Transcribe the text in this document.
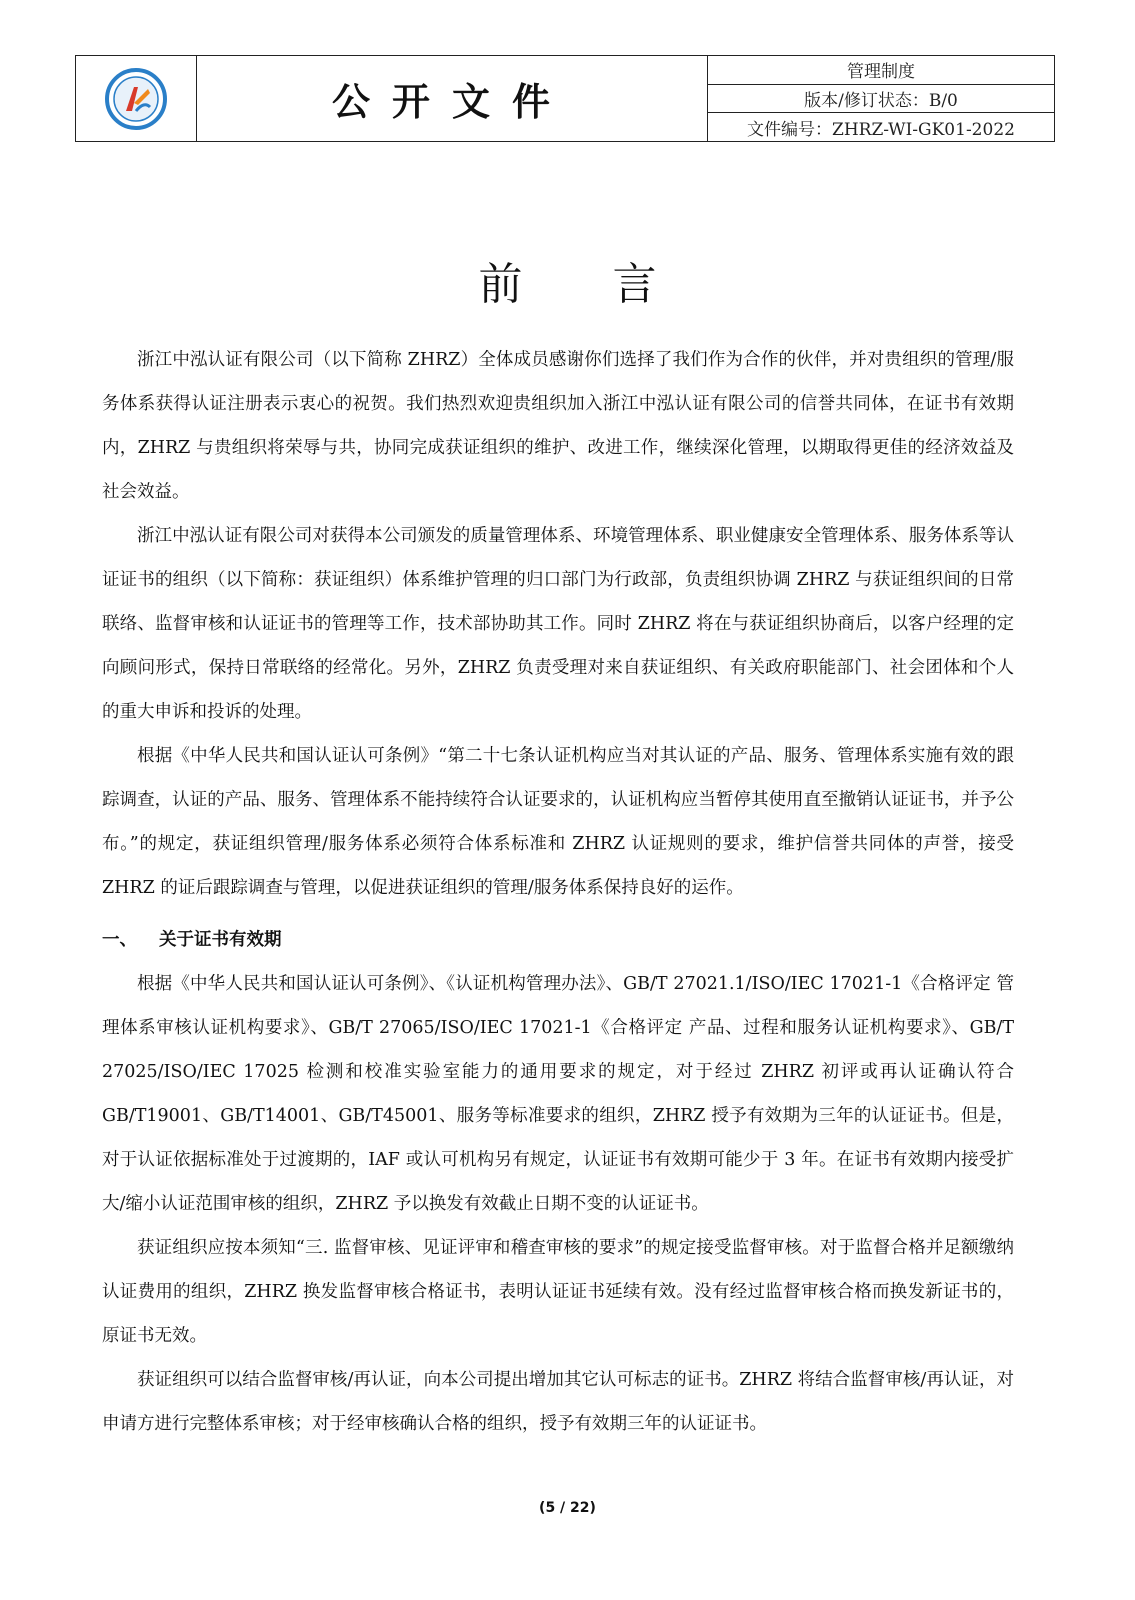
公开文件
管理制度
版本/修订状态：B/0
文件编号：ZHRZ-WI-GK01-2022
前言

浙江中泓认证有限公司（以下简称 ZHRZ）全体成员感谢你们选择了我们作为合作的伙伴，并对贵组织的管理/服务体系获得认证注册表示衷心的祝贺。我们热烈欢迎贵组织加入浙江中泓认证有限公司的信誉共同体，在证书有效期内，ZHRZ 与贵组织将荣辱与共，协同完成获证组织的维护、改进工作，继续深化管理，以期取得更佳的经济效益及社会效益。

浙江中泓认证有限公司对获得本公司颁发的质量管理体系、环境管理体系、职业健康安全管理体系、服务体系等认证证书的组织（以下简称：获证组织）体系维护管理的归口部门为行政部，负责组织协调 ZHRZ 与获证组织间的日常联络、监督审核和认证证书的管理等工作，技术部协助其工作。同时 ZHRZ 将在与获证组织协商后，以客户经理的定向顾问形式，保持日常联络的经常化。另外，ZHRZ 负责受理对来自获证组织、有关政府职能部门、社会团体和个人的重大申诉和投诉的处理。

根据《中华人民共和国认证认可条例》“第二十七条认证机构应当对其认证的产品、服务、管理体系实施有效的跟踪调查，认证的产品、服务、管理体系不能持续符合认证要求的，认证机构应当暂停其使用直至撤销认证证书，并予公布。”的规定，获证组织管理/服务体系必须符合体系标准和 ZHRZ 认证规则的要求，维护信誉共同体的声誉，接受 ZHRZ 的证后跟踪调查与管理，以促进获证组织的管理/服务体系保持良好的运作。

一、 关于证书有效期

根据《中华人民共和国认证认可条例》、《认证机构管理办法》、GB/T 27021.1/ISO/IEC 17021-1《合格评定 管理体系审核认证机构要求》、GB/T 27065/ISO/IEC 17021-1《合格评定 产品、过程和服务认证机构要求》、GB/T 27025/ISO/IEC 17025 检测和校准实验室能力的通用要求的规定，对于经过 ZHRZ 初评或再认证确认符合 GB/T19001、GB/T14001、GB/T45001、服务等标准要求的组织，ZHRZ 授予有效期为三年的认证证书。但是，对于认证依据标准处于过渡期的，IAF 或认可机构另有规定，认证证书有效期可能少于 3 年。在证书有效期内接受扩大/缩小认证范围审核的组织，ZHRZ 予以换发有效截止日期不变的认证证书。

获证组织应按本须知“三. 监督审核、见证评审和稽查审核的要求”的规定接受监督审核。对于监督合格并足额缴纳认证费用的组织，ZHRZ 换发监督审核合格证书，表明认证证书延续有效。没有经过监督审核合格而换发新证书的，原证书无效。

获证组织可以结合监督审核/再认证，向本公司提出增加其它认可标志的证书。ZHRZ 将结合监督审核/再认证，对申请方进行完整体系审核；对于经审核确认合格的组织，授予有效期三年的认证证书。

(5 / 22)
